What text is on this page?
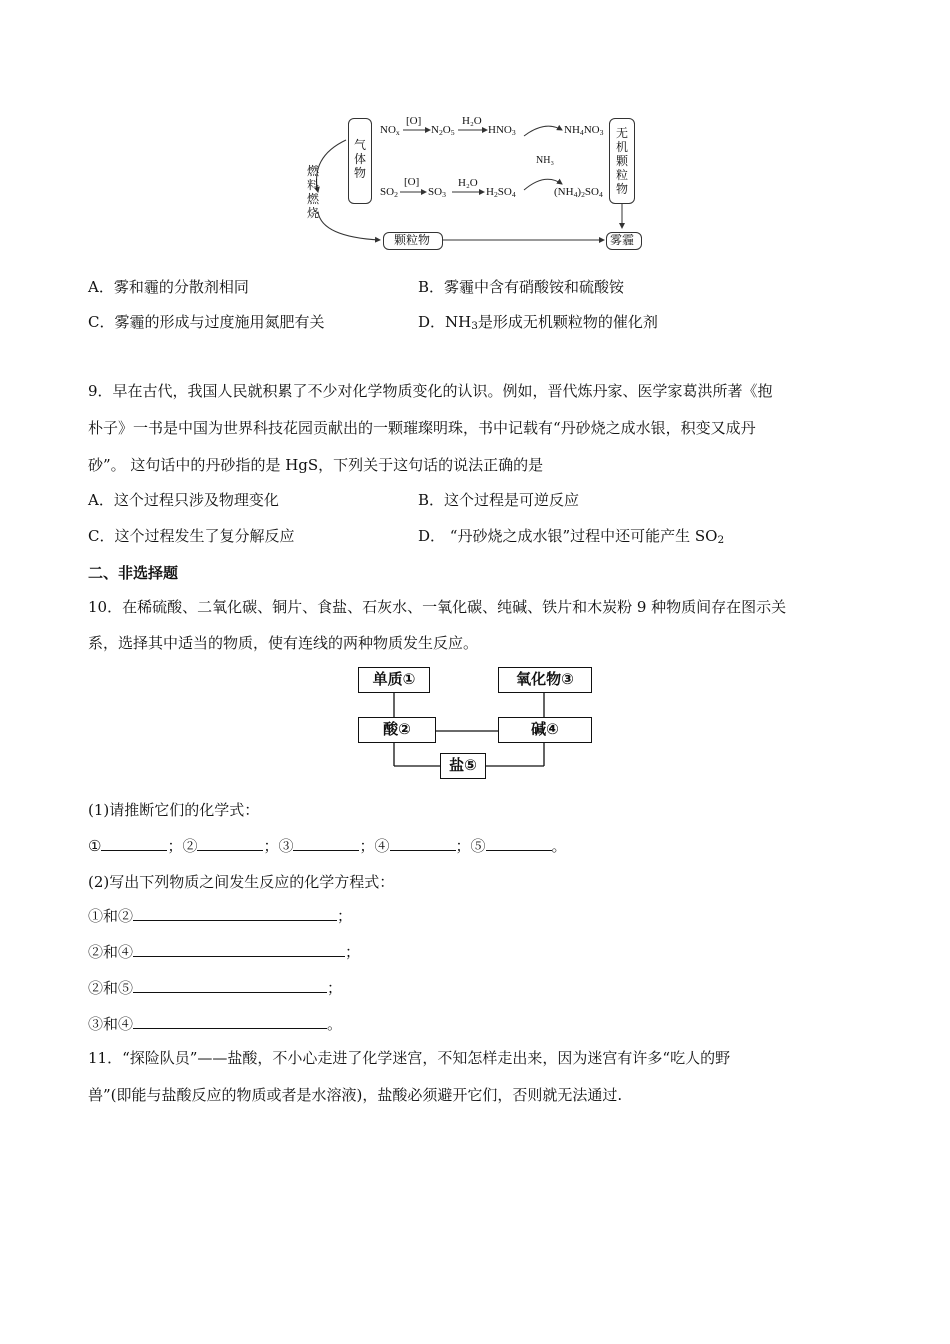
气
体
物
无
机
颗
粒
物
燃
料
燃
烧
颗粒物	雾霾
$NO_x$
[O]
$N_2O_5$
H₂O
$HNO_3$	$NH_4NO_3$
NH₃
$SO_2$
[O]
$SO_3$
H₂O
$H_2SO_4$	$(NH_4)_2SO_4$
A．雾和霾的分散剂相同	B．雾霾中含有硝酸铵和硫酸铵
C．雾霾的形成与过度施用氮肥有关	D．$NH_3$是形成无机颗粒物的催化剂
9．早在古代，我国人民就积累了不少对化学物质变化的认识。例如，晋代炼丹家、医学家葛洪所著《抱
朴子》一书是中国为世界科技花园贡献出的一颗璀璨明珠，书中记载有“丹砂烧之成水银，积变又成丹
砂”。 这句话中的丹砂指的是 HgS，下列关于这句话的说法正确的是
A．这个过程只涉及物理变化	B．这个过程是可逆反应
C．这个过程发生了复分解反应	D． “丹砂烧之成水银”过程中还可能产生 $SO_2$
二、非选择题
10．在稀硫酸、二氧化碳、铜片、食盐、石灰水、一氧化碳、纯碱、铁片和木炭粉 9 种物质间存在图示关
系，选择其中适当的物质，使有连线的两种物质发生反应。
单质①	氧化物③
酸②	碱④
盐⑤
(1)请推断它们的化学式：
①	；②	；③	；④	；⑤	。
(2)写出下列物质之间发生反应的化学方程式：
①和②	；
②和④	；
②和⑤	；
③和④	。
11．“探险队员”——盐酸，不小心走进了化学迷宫，不知怎样走出来，因为迷宫有许多“吃人的野
兽”(即能与盐酸反应的物质或者是水溶液)，盐酸必须避开它们，否则就无法通过.
